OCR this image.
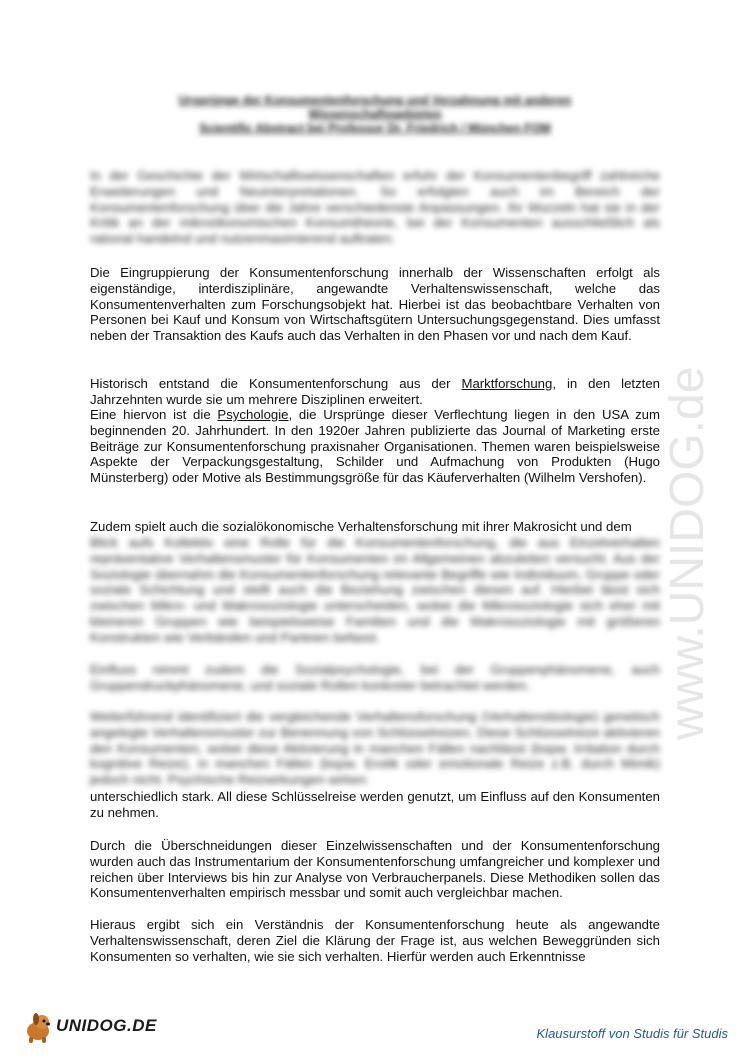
www.UNIDOG.de
Ursprünge der Konsumentenforschung und Verzahnung mit anderen
Wissenschaftsgebieten
Scientific Abstract bei Professor Dr. Friedrich / München FOM

In der Geschichte der Wirtschaftswissenschaften erfuhr der Konsumentenbegriff zahlreiche Erweiterungen und Neuinterpretationen. So erfolgten auch im Bereich der Konsumentenforschung über die Jahre verschiedenste Anpassungen. Ihr Wurzeln hat sie in der Kritik an der mikroökonomischen Konsumtheorie, bei der Konsumenten ausschließlich als rational handelnd und nutzenmaximierend auftraten.

Die Eingruppierung der Konsumentenforschung innerhalb der Wissenschaften erfolgt als eigenständige, interdisziplinäre, angewandte Verhaltenswissenschaft, welche das Konsumentenverhalten zum Forschungsobjekt hat. Hierbei ist das beobachtbare Verhalten von Personen bei Kauf und Konsum von Wirtschaftsgütern Untersuchungsgegenstand. Dies umfasst neben der Transaktion des Kaufs auch das Verhalten in den Phasen vor und nach dem Kauf.

Historisch entstand die Konsumentenforschung aus der Marktforschung, in den letzten Jahrzehnten wurde sie um mehrere Disziplinen erweitert.

Eine hiervon ist die Psychologie, die Ursprünge dieser Verflechtung liegen in den USA zum beginnenden 20. Jahrhundert. In den 1920er Jahren publizierte das Journal of Marketing erste Beiträge zur Konsumentenforschung praxisnaher Organisationen. Themen waren beispielsweise Aspekte der Verpackungsgestaltung, Schilder und Aufmachung von Produkten (Hugo Münsterberg) oder Motive als Bestimmungsgröße für das Käuferverhalten (Wilhelm Vershofen).

Zudem spielt auch die sozialökonomische Verhaltensforschung mit ihrer Makrosicht und dem

Blick aufs Kollektiv eine Rolle für die Konsumentenforschung, die aus Einzelverhalten repräsentative Verhaltensmuster für Konsumenten im Allgemeinen abzuleiten versucht. Aus der Soziologie übernahm die Konsumentenforschung relevante Begriffe wie Individuum, Gruppe oder soziale Schichtung und stellt auch die Beziehung zwischen diesen auf. Hierbei lässt sich zwischen Mikro- und Makrosoziologie unterscheiden, wobei die Mikrosoziologie sich eher mit kleineren Gruppen wie beispielsweise Familien und die Makrosoziologie mit größeren Konstrukten wie Verbänden und Parteien befasst.

Einfluss nimmt zudem die Sozialpsychologie, bei der Gruppenphänomene, auch Gruppendruckphänomene, und soziale Rollen konkreter betrachtet werden.

Weiterführend identifiziert die vergleichende Verhaltensforschung (Verhaltensbiologie) genetisch angelegte Verhaltensmuster zur Benennung von Schlüsselreizen. Diese Schlüsselreize aktivieren den Konsumenten, wobei diese Aktivierung in manchen Fällen nachlässt (bspw. Irritation durch kognitive Reize), in manchen Fällen (bspw. Erotik oder emotionale Reize z.B. durch Mimik) jedoch nicht. Psychische Reizwirkungen wirken

unterschiedlich stark. All diese Schlüsselreise werden genutzt, um Einfluss auf den Konsumenten zu nehmen.

Durch die Überschneidungen dieser Einzelwissenschaften und der Konsumentenforschung wurden auch das Instrumentarium der Konsumentenforschung umfangreicher und komplexer und reichen über Interviews bis hin zur Analyse von Verbraucherpanels. Diese Methodiken sollen das Konsumentenverhalten empirisch messbar und somit auch vergleichbar machen.

Hieraus ergibt sich ein Verständnis der Konsumentenforschung heute als angewandte Verhaltenswissenschaft, deren Ziel die Klärung der Frage ist, aus welchen Beweggründen sich Konsumenten so verhalten, wie sie sich verhalten. Hierfür werden auch Erkenntnisse

UNIDOG.DE	Klausurstoff von Studis für Studis
